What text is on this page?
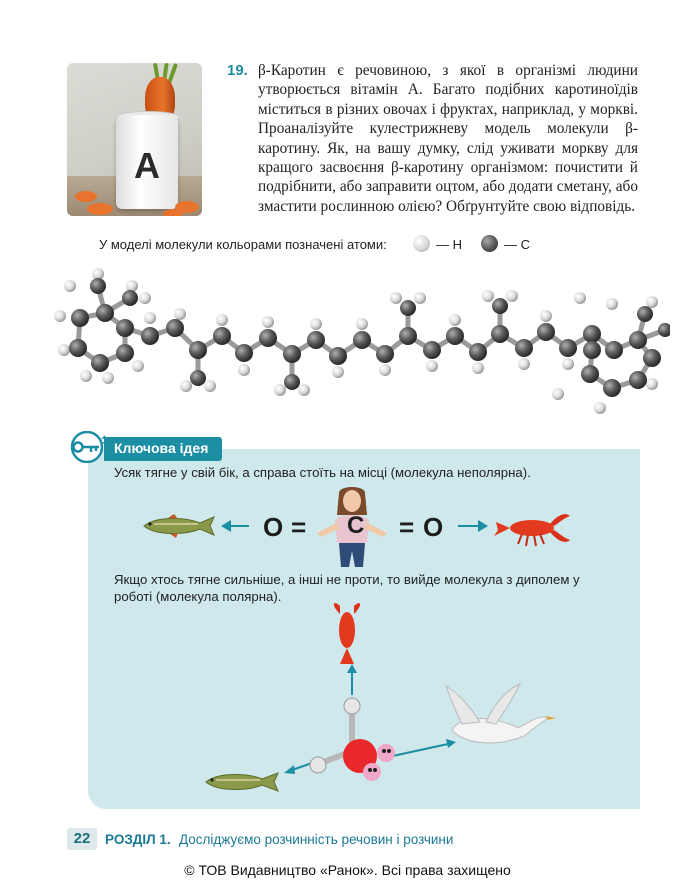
A
19. β-Каротин є речовиною, з якої в організмі людини утворюється вітамін А. Багато подібних каротиноїдів міститься в різних овочах і фруктах, наприклад, у моркві. Проаналізуйте кулестрижневу модель молекули β-каротину. Як, на вашу думку, слід уживати моркву для кращого засвоєння β-каротину організмом: почистити й подрібнити, або заправити оцтом, або додати сметану, або змастити рослинною олією? Обґрунтуйте свою відповідь.
У моделі молекули кольорами позначені атоми:	— H	— C
Ключова ідея
Усяк тягне у свій бік, а справа стоїть на місці (молекула неполярна).
O = C = O
Якщо хтось тягне сильніше, а інші не проти, то вийде молекула з диполем у роботі (молекула полярна).
22	РОЗДІЛ 1. Досліджуємо розчинність речовин і розчини
© ТОВ Видавництво «Ранок». Всі права захищено
